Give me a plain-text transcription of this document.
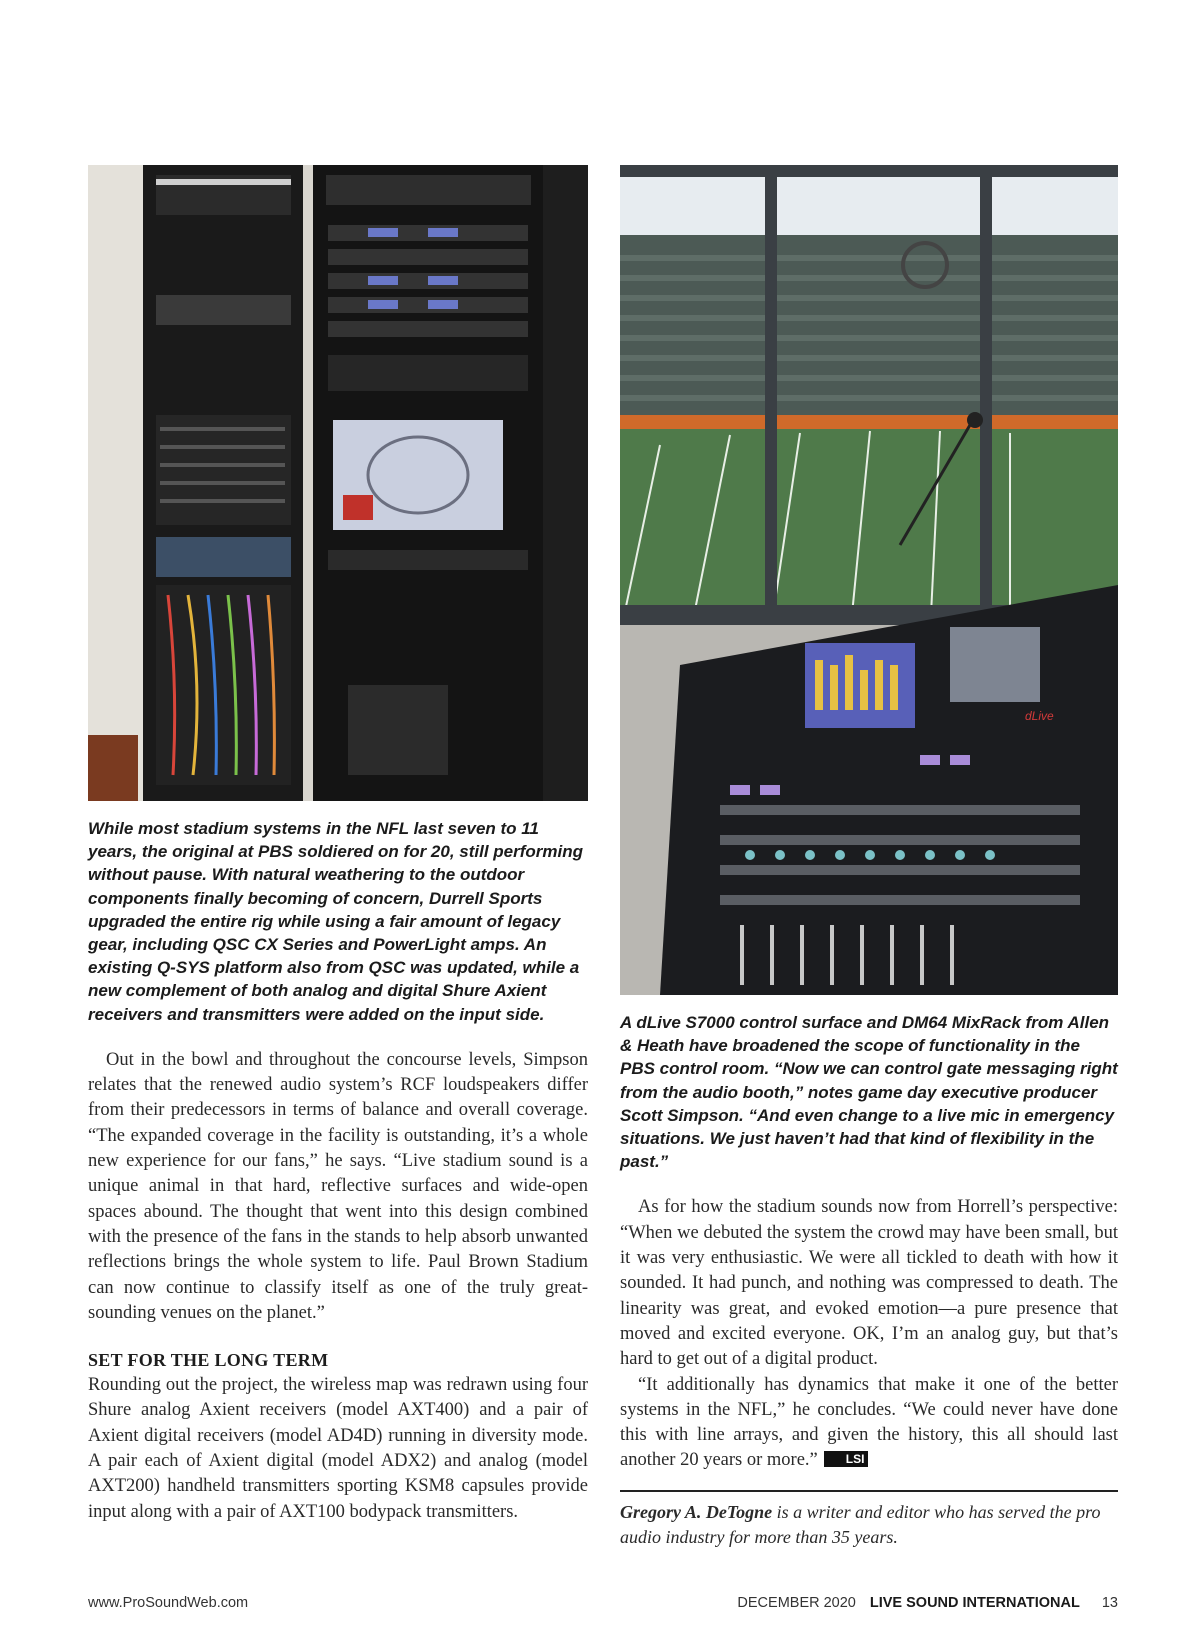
While most stadium systems in the NFL last seven to 11 years, the original at PBS soldiered on for 20, still performing without pause. With natural weathering to the outdoor components finally becoming of concern, Durrell Sports upgraded the entire rig while using a fair amount of legacy gear, including QSC CX Series and PowerLight amps. An existing Q-SYS platform also from QSC was updated, while a new complement of both analog and digital Shure Axient receivers and transmitters were added on the input side.

Out in the bowl and throughout the concourse levels, Simpson relates that the renewed audio system’s RCF loudspeakers differ from their predecessors in terms of balance and overall coverage. “The expanded coverage in the facility is outstanding, it’s a whole new experience for our fans,” he says. “Live stadium sound is a unique animal in that hard, reflective surfaces and wide-open spaces abound. The thought that went into this design combined with the presence of the fans in the stands to help absorb unwanted reflections brings the whole system to life. Paul Brown Stadium can now continue to classify itself as one of the truly great-sounding venues on the planet.”

SET FOR THE LONG TERM

Rounding out the project, the wireless map was redrawn using four Shure analog Axient receivers (model AXT400) and a pair of Axient digital receivers (model AD4D) running in diversity mode. A pair each of Axient digital (model ADX2) and analog (model AXT200) handheld transmitters sporting KSM8 capsules provide input along with a pair of AXT100 bodypack transmitters.

dLive

A dLive S7000 control surface and DM64 MixRack from Allen & Heath have broadened the scope of functionality in the PBS control room. “Now we can control gate messaging right from the audio booth,” notes game day executive producer Scott Simpson. “And even change to a live mic in emergency situations. We just haven’t had that kind of flexibility in the past.”

As for how the stadium sounds now from Horrell’s perspective: “When we debuted the system the crowd may have been small, but it was very enthusiastic. We were all tickled to death with how it sounded. It had punch, and nothing was compressed to death. The linearity was great, and evoked emotion—a pure presence that moved and excited everyone. OK, I’m an analog guy, but that’s hard to get out of a digital product.

“It additionally has dynamics that make it one of the better systems in the NFL,” he concludes. “We could never have done this with line arrays, and given the history, this all should last another 20 years or more.” LSI

Gregory A. DeTogne is a writer and editor who has served the pro audio industry for more than 35 years.

www.ProSoundWeb.com	DECEMBER 2020 LIVE SOUND INTERNATIONAL 13
